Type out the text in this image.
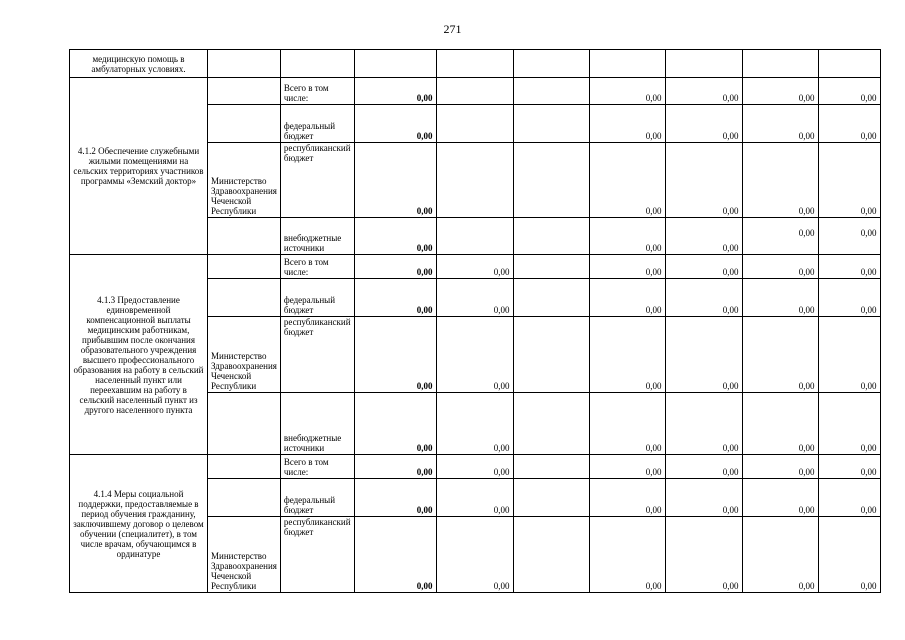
271
медицинскую помощь в амбулаторных условиях.									
4.1.2 Обеспечение служебными жилыми помещениями на сельских территориях участников программы «Земский доктор»		Всего в том числе:	0,00			0,00	0,00	0,00	0,00
		федеральный бюджет	0,00			0,00	0,00	0,00	0,00
	Министерство Здравоохранения Чеченской Республики	республиканский бюджет	0,00			0,00	0,00	0,00	0,00
		внебюджетные источники	0,00			0,00	0,00	0,00	0,00
4.1.3 Предоставление единовременной компенсационной выплаты медицинским работникам, прибывшим после окончания образовательного учреждения высшего профессионального образования на работу в сельский населенный пункт или переехавшим на работу в сельский населенный пункт из другого населенного пункта		Всего в том числе:	0,00	0,00		0,00	0,00	0,00	0,00
		федеральный бюджет	0,00	0,00		0,00	0,00	0,00	0,00
	Министерство Здравоохранения Чеченской Республики	республиканский бюджет	0,00	0,00		0,00	0,00	0,00	0,00
		внебюджетные источники	0,00	0,00		0,00	0,00	0,00	0,00
4.1.4 Меры социальной поддержки, предоставляемые в период обучения гражданину, заключившему договор о целевом обучении (специалитет), в том числе врачам, обучающимся в ординатуре		Всего в том числе:	0,00	0,00		0,00	0,00	0,00	0,00
		федеральный бюджет	0,00	0,00		0,00	0,00	0,00	0,00
	Министерство Здравоохранения Чеченской Республики	республиканский бюджет	0,00	0,00		0,00	0,00	0,00	0,00
